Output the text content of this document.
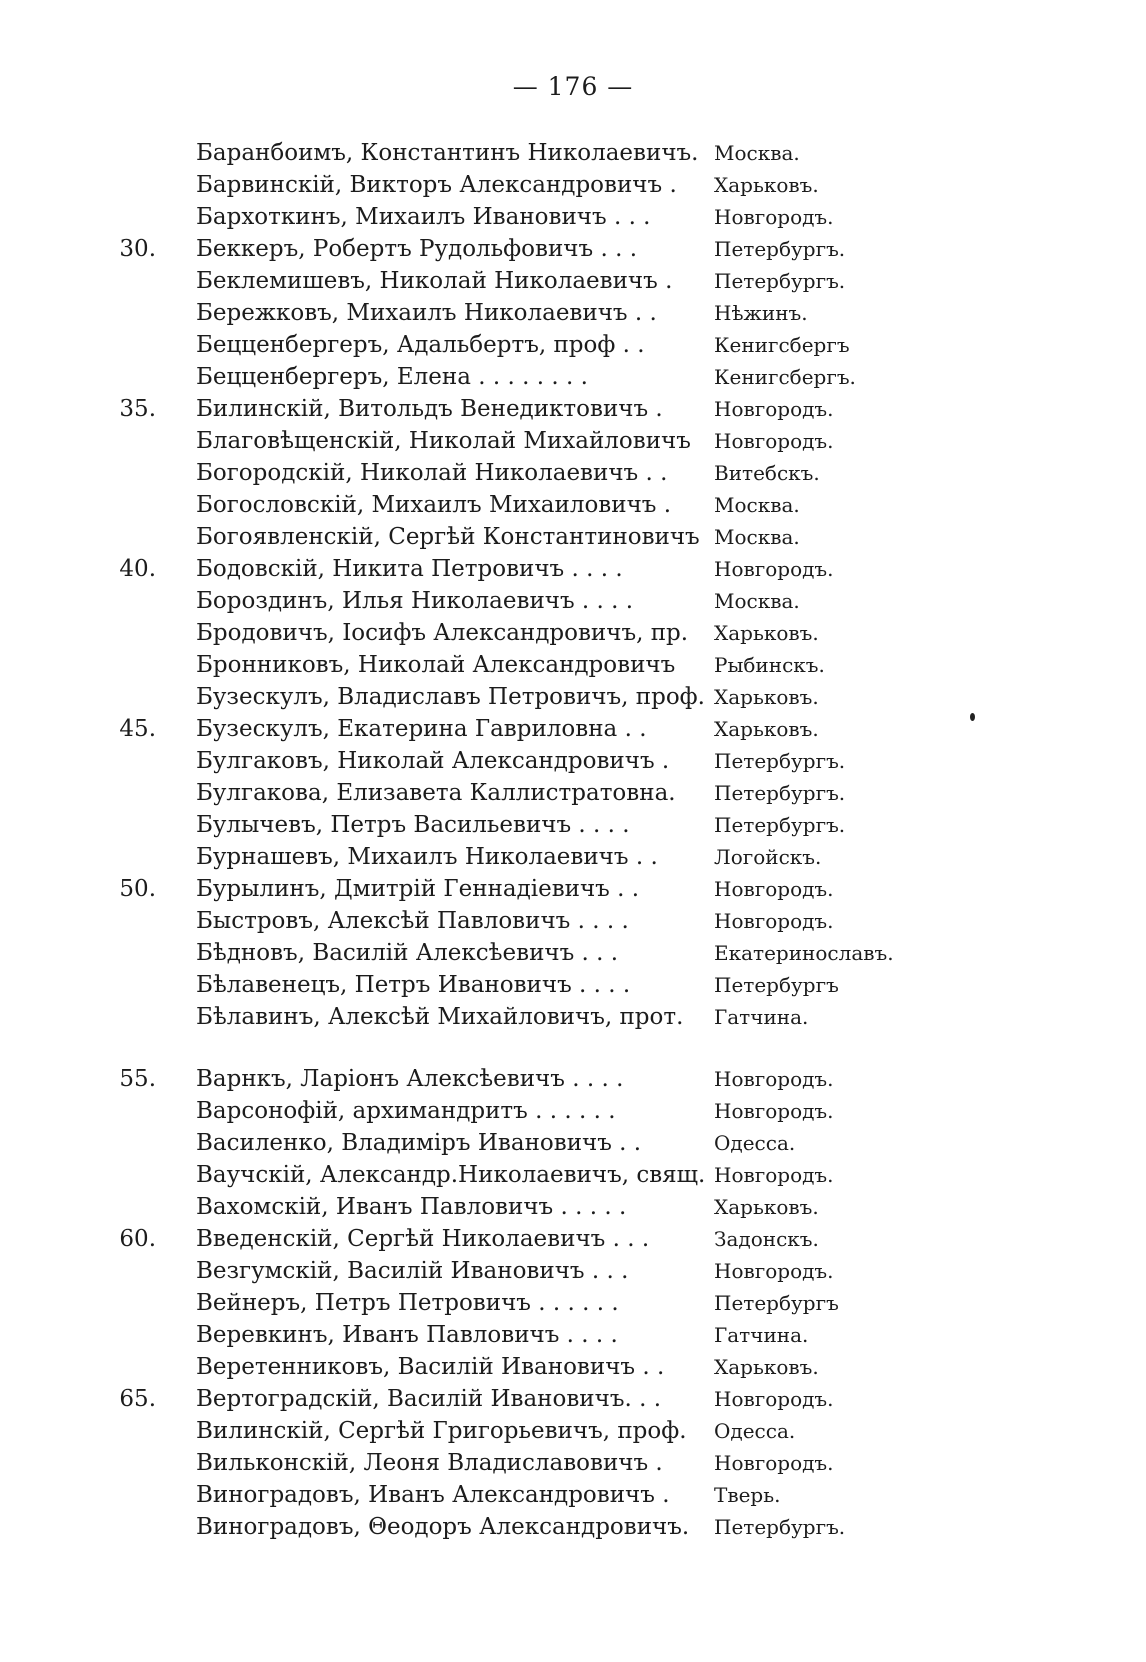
— 176 —
Баранбоимъ, Константинъ Николаевичъ. Москва.
Барвинскій, Викторъ Александровичъ . Харьковъ.
Бархоткинъ, Михаилъ Ивановичъ . . .	Новгородъ.
30. Беккеръ, Робертъ Рудольфовичъ . . .	Петербургъ.
Беклемишевъ, Николай Николаевичъ . Петербургъ.
Бережковъ, Михаилъ Николаевичъ . .	Нѣжинъ.
Бецценбергеръ, Адальбертъ, проф . .	Кенигсбергъ
Бецценбергеръ, Елена . . . . . . . .	Кенигсбергъ.
35. Билинскій, Витольдъ Венедиктовичъ .	Новгородъ.
Благовѣщенскій, Николай Михайловичъ Новгородъ.
Богородскій, Николай Николаевичъ . . Витебскъ.
Богословскій, Михаилъ Михаиловичъ . Москва.
Богоявленскій, Сергѣй Константиновичъ Москва.
40. Бодовскій, Никита Петровичъ . . . .	Новгородъ.
Бороздинъ, Илья Николаевичъ . . . .	Москва.
Бродовичъ, Іосифъ Александровичъ, пр. Харьковъ.
Бронниковъ, Николай Александровичъ Рыбинскъ.
Бузескулъ, Владиславъ Петровичъ, проф. Харьковъ.
45. Бузескулъ, Екатерина Гавриловна . .	Харьковъ.
Булгаковъ, Николай Александровичъ . Петербургъ.
Булгакова, Елизавета Каллистратовна. Петербургъ.
Булычевъ, Петръ Васильевичъ . . . .	Петербургъ.
Бурнашевъ, Михаилъ Николаевичъ . .	Логойскъ.
50. Бурылинъ, Дмитрій Геннадіевичъ . .	Новгородъ.
Быстровъ, Алексѣй Павловичъ . . . .	Новгородъ.
Бѣдновъ, Василій Алексѣевичъ . . .	Екатеринославъ.
Бѣлавенецъ, Петръ Ивановичъ . . . .	Петербургъ
Бѣлавинъ, Алексѣй Михайловичъ, прот. Гатчина.
55. Варнкъ, Ларіонъ Алексѣевичъ . . . .	Новгородъ.
Варсонофій, архимандритъ . . . . . .	Новгородъ.
Василенко, Владиміръ Ивановичъ . .	Одесса.
Ваучскій, Александр.Николаевичъ, свящ. Новгородъ.
Вахомскій, Иванъ Павловичъ . . . . .	Харьковъ.
60. Введенскій, Сергѣй Николаевичъ . . .	Задонскъ.
Везгумскій, Василій Ивановичъ . . .	Новгородъ.
Вейнеръ, Петръ Петровичъ . . . . . .	Петербургъ
Веревкинъ, Иванъ Павловичъ . . . .	Гатчина.
Веретенниковъ, Василій Ивановичъ . . Харьковъ.
65. Вертоградскій, Василій Ивановичъ. . .	Новгородъ.
Вилинскій, Сергѣй Григорьевичъ, проф. Одесса.
Вильконскій, Леоня Владиславовичъ .	Новгородъ.
Виноградовъ, Иванъ Александровичъ . Тверь.
Виноградовъ, Θеодоръ Александровичъ. Петербургъ.
